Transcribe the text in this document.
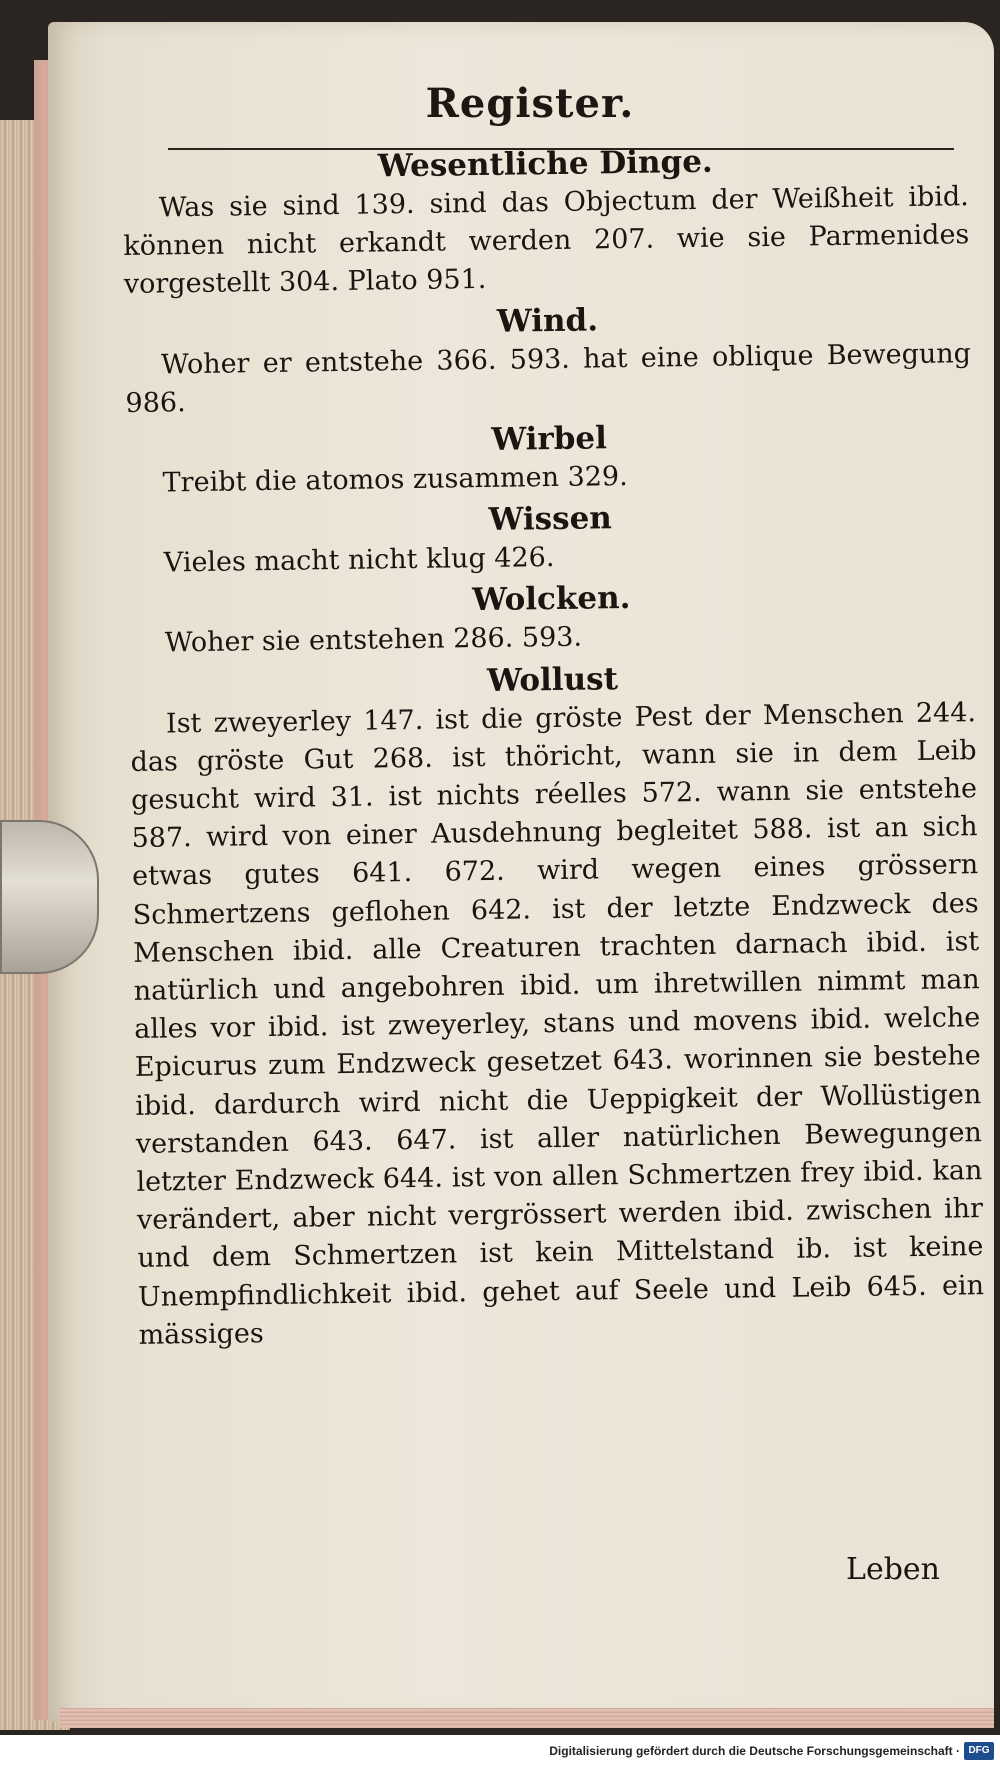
Register.
Wesentliche Dinge.

Was sie sind 139. sind das Objectum der Weißheit ibid. können nicht erkandt werden 207. wie sie Parmenides vorgestellt 304. Plato 951.

Wind.

Woher er entstehe 366. 593. hat eine oblique Bewegung 986.

Wirbel

Treibt die atomos zusammen 329.

Wissen

Vieles macht nicht klug 426.

Wolcken.

Woher sie entstehen 286. 593.

Wollust

Ist zweyerley 147. ist die gröste Pest der Menschen 244. das gröste Gut 268. ist thöricht, wann sie in dem Leib gesucht wird 31. ist nichts réelles 572. wann sie entstehe 587. wird von einer Ausdehnung begleitet 588. ist an sich etwas gutes 641. 672. wird wegen eines grössern Schmertzens geflohen 642. ist der letzte Endzweck des Menschen ibid. alle Creaturen trachten darnach ibid. ist natürlich und angebohren ibid. um ihretwillen nimmt man alles vor ibid. ist zweyerley, stans und movens ibid. welche Epicurus zum Endzweck gesetzet 643. worinnen sie bestehe ibid. dardurch wird nicht die Ueppigkeit der Wollüstigen verstanden 643. 647. ist aller natürlichen Bewegungen letzter Endzweck 644. ist von allen Schmertzen frey ibid. kan verändert, aber nicht vergrössert werden ibid. zwischen ihr und dem Schmertzen ist kein Mittelstand ib. ist keine Unempfindlichkeit ibid. gehet auf Seele und Leib 645. ein mässiges

Leben
Digitalisierung gefördert durch die Deutsche Forschungsgemeinschaft · DFG
